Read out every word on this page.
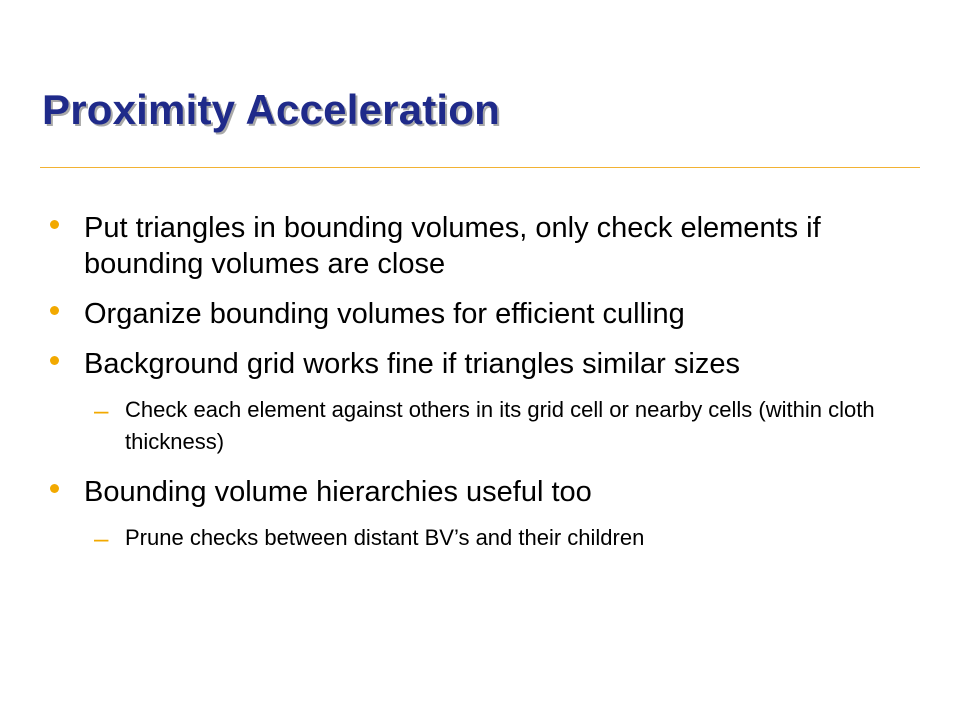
Proximity Acceleration
Put triangles in bounding volumes, only check elements if bounding volumes are close
Organize bounding volumes for efficient culling
Background grid works fine if triangles similar sizes
– Check each element against others in its grid cell or nearby cells (within cloth thickness)
Bounding volume hierarchies useful too
– Prune checks between distant BV’s and their children
